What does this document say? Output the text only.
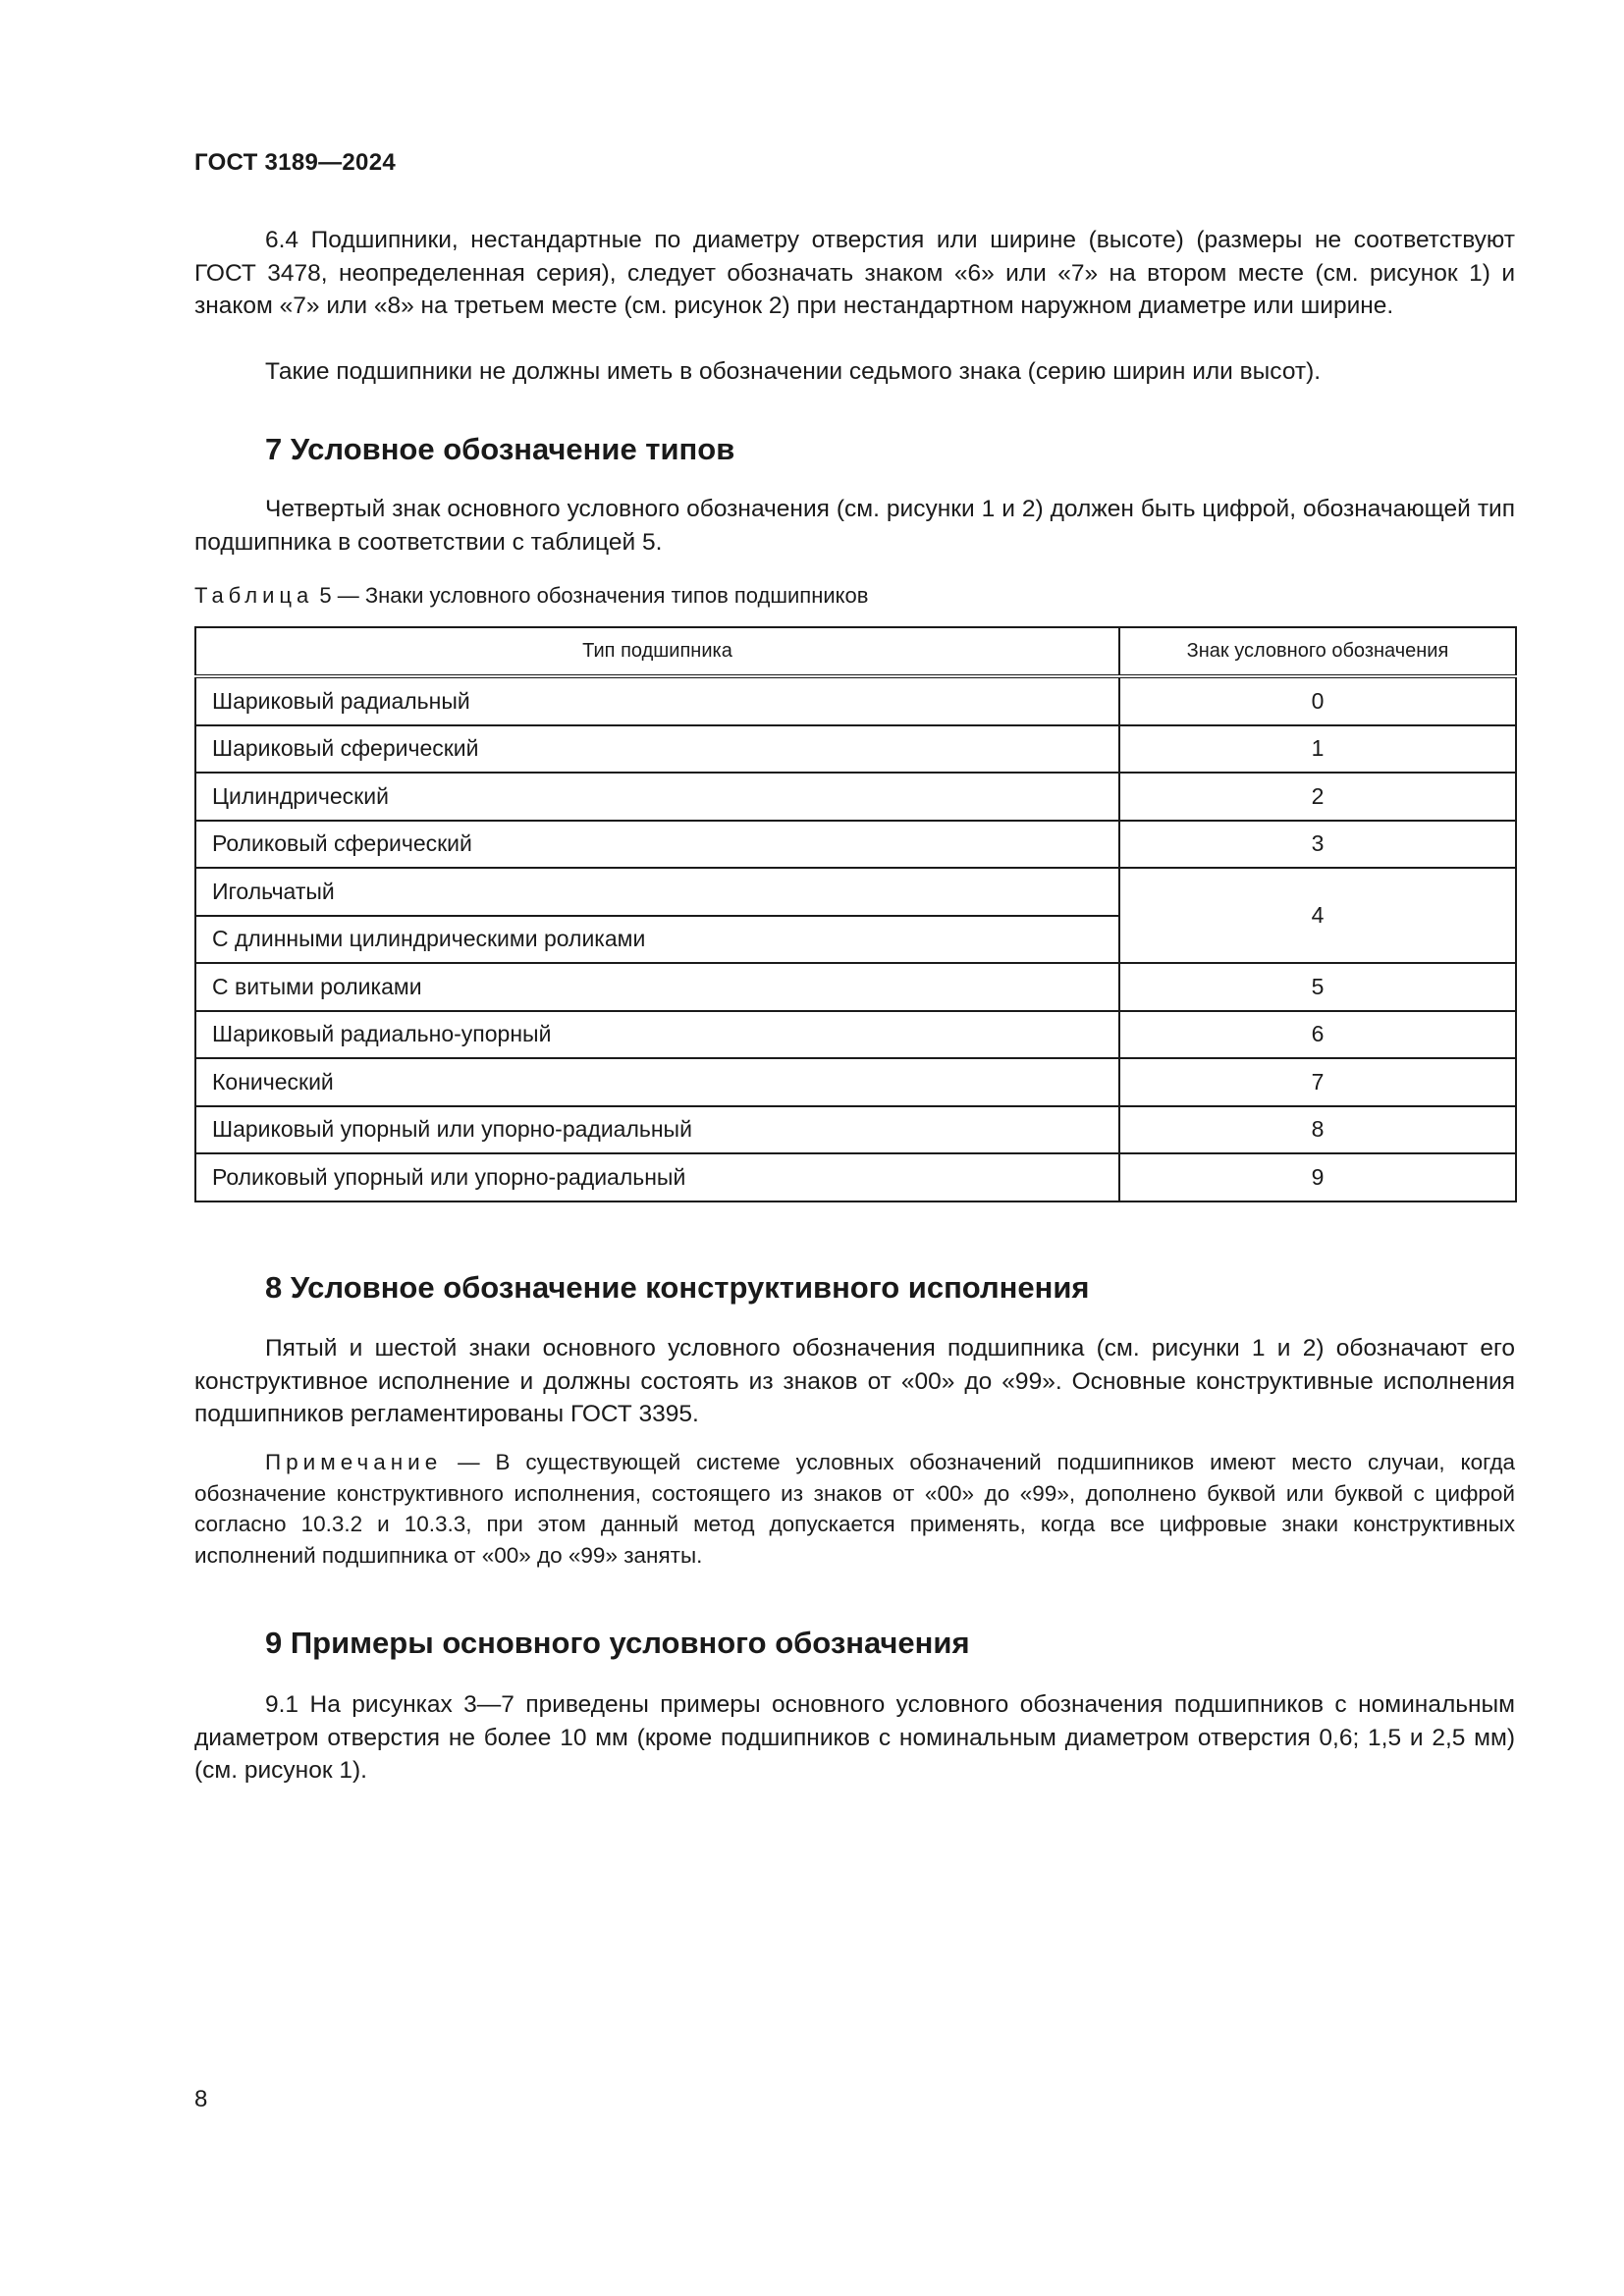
ГОСТ 3189—2024

6.4 Подшипники, нестандартные по диаметру отверстия или ширине (высоте) (размеры не соответствуют ГОСТ 3478, неопределенная серия), следует обозначать знаком «6» или «7» на втором месте (см. рисунок 1) и знаком «7» или «8» на третьем месте (см. рисунок 2) при нестандартном наружном диаметре или ширине.

Такие подшипники не должны иметь в обозначении седьмого знака (серию ширин или высот).

7 Условное обозначение типов

Четвертый знак основного условного обозначения (см. рисунки 1 и 2) должен быть цифрой, обозначающей тип подшипника в соответствии с таблицей 5.

Таблица 5 — Знаки условного обозначения типов подшипников
Тип подшипника	Знак условного обозначения
Шариковый радиальный	0
Шариковый сферический	1
Цилиндрический	2
Роликовый сферический	3
Игольчатый	4
С длинными цилиндрическими роликами	
С витыми роликами	5
Шариковый радиально-упорный	6
Конический	7
Шариковый упорный или упорно-радиальный	8
Роликовый упорный или упорно-радиальный	9
8 Условное обозначение конструктивного исполнения

Пятый и шестой знаки основного условного обозначения подшипника (см. рисунки 1 и 2) обозначают его конструктивное исполнение и должны состоять из знаков от «00» до «99». Основные конструктивные исполнения подшипников регламентированы ГОСТ 3395.

Примечание — В существующей системе условных обозначений подшипников имеют место случаи, когда обозначение конструктивного исполнения, состоящего из знаков от «00» до «99», дополнено буквой или буквой с цифрой согласно 10.3.2 и 10.3.3, при этом данный метод допускается применять, когда все цифровые знаки конструктивных исполнений подшипника от «00» до «99» заняты.

9 Примеры основного условного обозначения

9.1 На рисунках 3—7 приведены примеры основного условного обозначения подшипников с номинальным диаметром отверстия не более 10 мм (кроме подшипников с номинальным диаметром отверстия 0,6; 1,5 и 2,5 мм) (см. рисунок 1).

8
